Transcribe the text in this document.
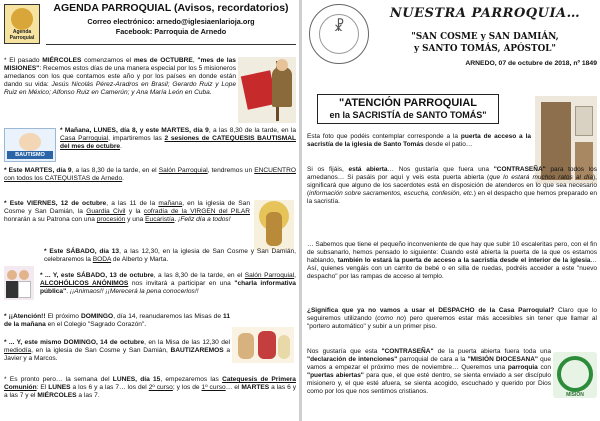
Agenda Parroquial
AGENDA PARROQUIAL (Avisos, recordatorios)
Correo electrónico: arnedo@iglesiaenlarioja.org
Facebook: Parroquia de Arnedo
* El pasado MIÉRCOLES comenzamos el mes de OCTUBRE, "mes de las MISIONES": Recemos estos días de una manera especial por los 5 misioneros arnedanos con los que contamos este año y por los países en donde están dando su vida: Jesús Nicolás Pérez-Aradros en Brasil; Gerardo Ruiz y Lope Ruiz en México; Alfonso Ruiz en Camerún; y Ana María León en Cuba.
BAUTISMO
* Mañana, LUNES, día 8, y este MARTES, día 9, a las 8,30 de la tarde, en la Casa Parroquial, impartiremos las 2 sesiones de CATEQUESIS BAUTISMAL del mes de octubre.
* Este MARTES, día 9, a las 8,30 de la tarde, en el Salón Parroquial, tendremos un ENCUENTRO con todos los CATEQUISTAS de Arnedo.
* Este VIERNES, 12 de octubre, a las 11 de la mañana, en la iglesia de San Cosme y San Damián, la Guardia Civil y la cofradía de la VIRGEN del PILAR honrarán a su Patrona con una procesión y una Eucaristía. ¡Feliz día a todos!
* Este SÁBADO, día 13, a las 12,30, en la iglesia de San Cosme y San Damián, celebraremos la BODA de Alberto y Marta.
* ... Y, este SÁBADO, 13 de octubre, a las 8,30 de la tarde, en el Salón Parroquial, ALCOHÓLICOS ANÓNIMOS nos invitará a participar en una "charla informativa pública". ¡¡Animaos!! ¡¡Merecerá la pena conocerlos!!
* ¡¡Atención!! El próximo DOMINGO, día 14, reanudaremos las Misas de 11 de la mañana en el Colegio "Sagrado Corazón".
* ... Y, este mismo DOMINGO, 14 de octubre, en la Misa de las 12,30 del mediodía, en la iglesia de San Cosme y San Damián, BAUTIZAREMOS a Javier y a Marcos.
* Es pronto pero… la semana del LUNES, día 15, empezaremos las Catequesis de Primera Comunión: El LUNES a los 6 y a las 7… los del 2º curso; y los de 1º curso… el MARTES a las 6 y a las 7 y el MIÉRCOLES a las 7.
☧
NUESTRA PARROQUIA…
"SAN COSME y SAN DAMIÁN,
y SANTO TOMÁS, APÓSTOL"
ARNEDO, 07 de octubre de 2018, nº 1849
"ATENCIÓN PARROQUIAL
en la SACRISTÍA de SANTO TOMÁS"
Esta foto que podéis contemplar corresponde a la puerta de acceso a la sacristía de la iglesia de Santo Tomás desde el patio…
Si os fijáis, está abierta… Nos gustaría que fuera una "CONTRASEÑA" para todos los arnedanos… Si pasáis por aquí y veis esta puerta abierta (que lo estará muchos ratos al día), significará que alguno de los sacerdotes está en disposición de atenderos en lo que sea necesario (información sobre sacramentos, escucha, confesión, etc.) en el despacho que hemos preparado en la sacristía.
… Sabemos que tiene el pequeño inconveniente de que hay que subir 10 escaleritas pero, con el fin de subsanarlo, hemos pensado lo siguiente: Cuando esté abierta la puerta de la que os estamos hablando, también lo estará la puerta de acceso a la sacristía desde el interior de la iglesia… Así, quienes vengáis con un carrito de bebé o en silla de ruedas, podréis acceder a este "nuevo despacho" por las rampas de acceso al templo.
¿Significa que ya no vamos a usar el DESPACHO de la Casa Parroquial? Claro que lo seguiremos utilizando (como no) pero queremos estar más accesibles sin tener que llamar al "portero automático" y subir a un primer piso.
Nos gustaría que esta "CONTRASEÑA" de la puerta abierta fuera toda una "declaración de intenciones" parroquial de cara a la "MISIÓN DIOCESANA" que vamos a empezar el próximo mes de noviembre… Queremos una parroquia con "puertas abiertas" para que, el que esté dentro, se sienta enviado a ser discípulo misionero y, el que esté afuera, se sienta acogido, escuchado y querido por Dios como por los que nos sentimos cristianos.
MISIÓN
